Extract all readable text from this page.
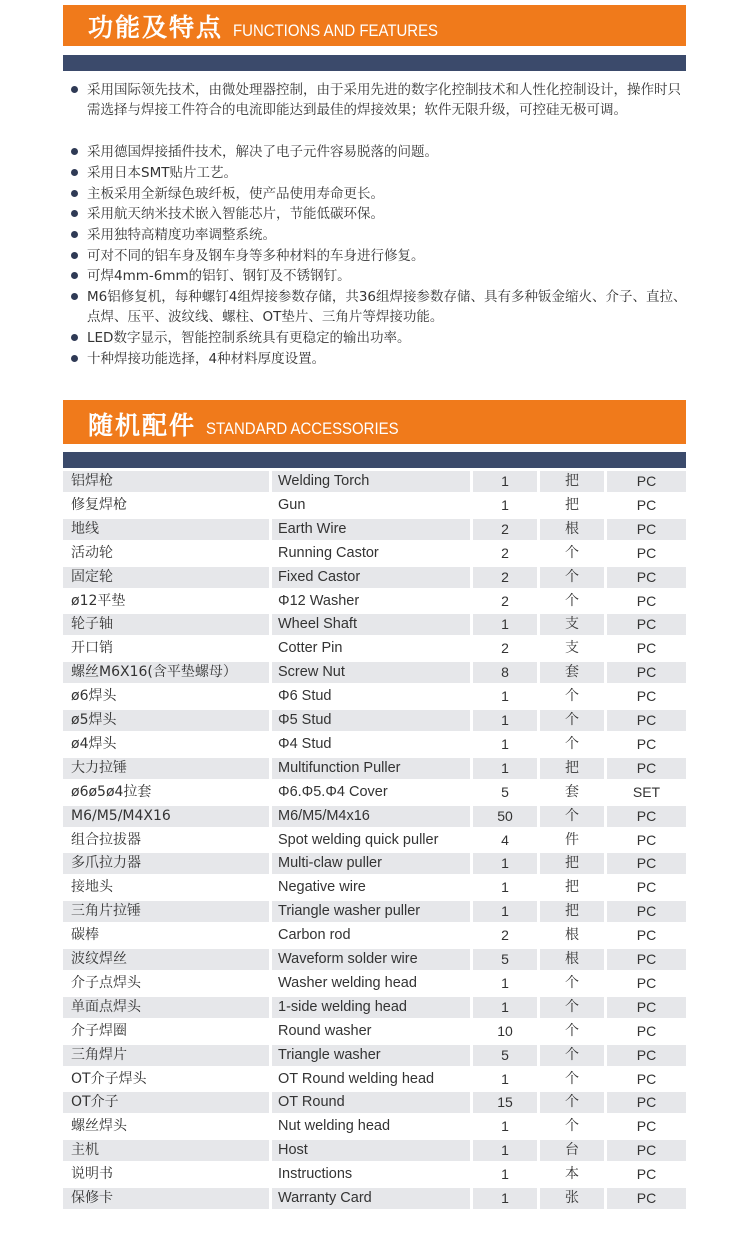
功能及特点 FUNCTIONS AND FEATURES
采用国际领先技术，由微处理器控制，由于采用先进的数字化控制技术和人性化控制设计，操作时只需选择与焊接工件符合的电流即能达到最佳的焊接效果；软件无限升级，可控硅无极可调。
采用德国焊接插件技术，解决了电子元件容易脱落的问题。
采用日本SMT贴片工艺。
主板采用全新绿色玻纤板，使产品使用寿命更长。
采用航天纳米技术嵌入智能芯片，节能低碳环保。
采用独特高精度功率调整系统。
可对不同的铝车身及钢车身等多种材料的车身进行修复。
可焊4mm-6mm的铝钉、钢钉及不锈钢钉。
M6铝修复机，每种螺钉4组焊接参数存储，共36组焊接参数存储、具有多种钣金缩火、介子、直拉、点焊、压平、波纹线、螺柱、OT垫片、三角片等焊接功能。
LED数字显示，智能控制系统具有更稳定的输出功率。
十种焊接功能选择，4种材料厚度设置。
随机配件 STANDARD ACCESSORIES
铝焊枪	Welding Torch	1	把	PC
修复焊枪	Gun	1	把	PC
地线	Earth Wire	2	根	PC
活动轮	Running Castor	2	个	PC
固定轮	Fixed Castor	2	个	PC
ø12平垫	Φ12 Washer	2	个	PC
轮子轴	Wheel Shaft	1	支	PC
开口销	Cotter Pin	2	支	PC
螺丝M6X16(含平垫螺母）	Screw Nut	8	套	PC
ø6焊头	Φ6 Stud	1	个	PC
ø5焊头	Φ5 Stud	1	个	PC
ø4焊头	Φ4 Stud	1	个	PC
大力拉锤	Multifunction Puller	1	把	PC
ø6ø5ø4拉套	Φ6.Φ5.Φ4 Cover	5	套	SET
M6/M5/M4X16	M6/M5/M4x16	50	个	PC
组合拉拔器	Spot welding quick puller	4	件	PC
多爪拉力器	Multi-claw puller	1	把	PC
接地头	Negative wire	1	把	PC
三角片拉锤	Triangle washer puller	1	把	PC
碳棒	Carbon rod	2	根	PC
波纹焊丝	Waveform solder wire	5	根	PC
介子点焊头	Washer welding head	1	个	PC
单面点焊头	1-side welding head	1	个	PC
介子焊圈	Round washer	10	个	PC
三角焊片	Triangle washer	5	个	PC
OT介子焊头	OT Round welding head	1	个	PC
OT介子	OT Round	15	个	PC
螺丝焊头	Nut welding head	1	个	PC
主机	Host	1	台	PC
说明书	Instructions	1	本	PC
保修卡	Warranty Card	1	张	PC
